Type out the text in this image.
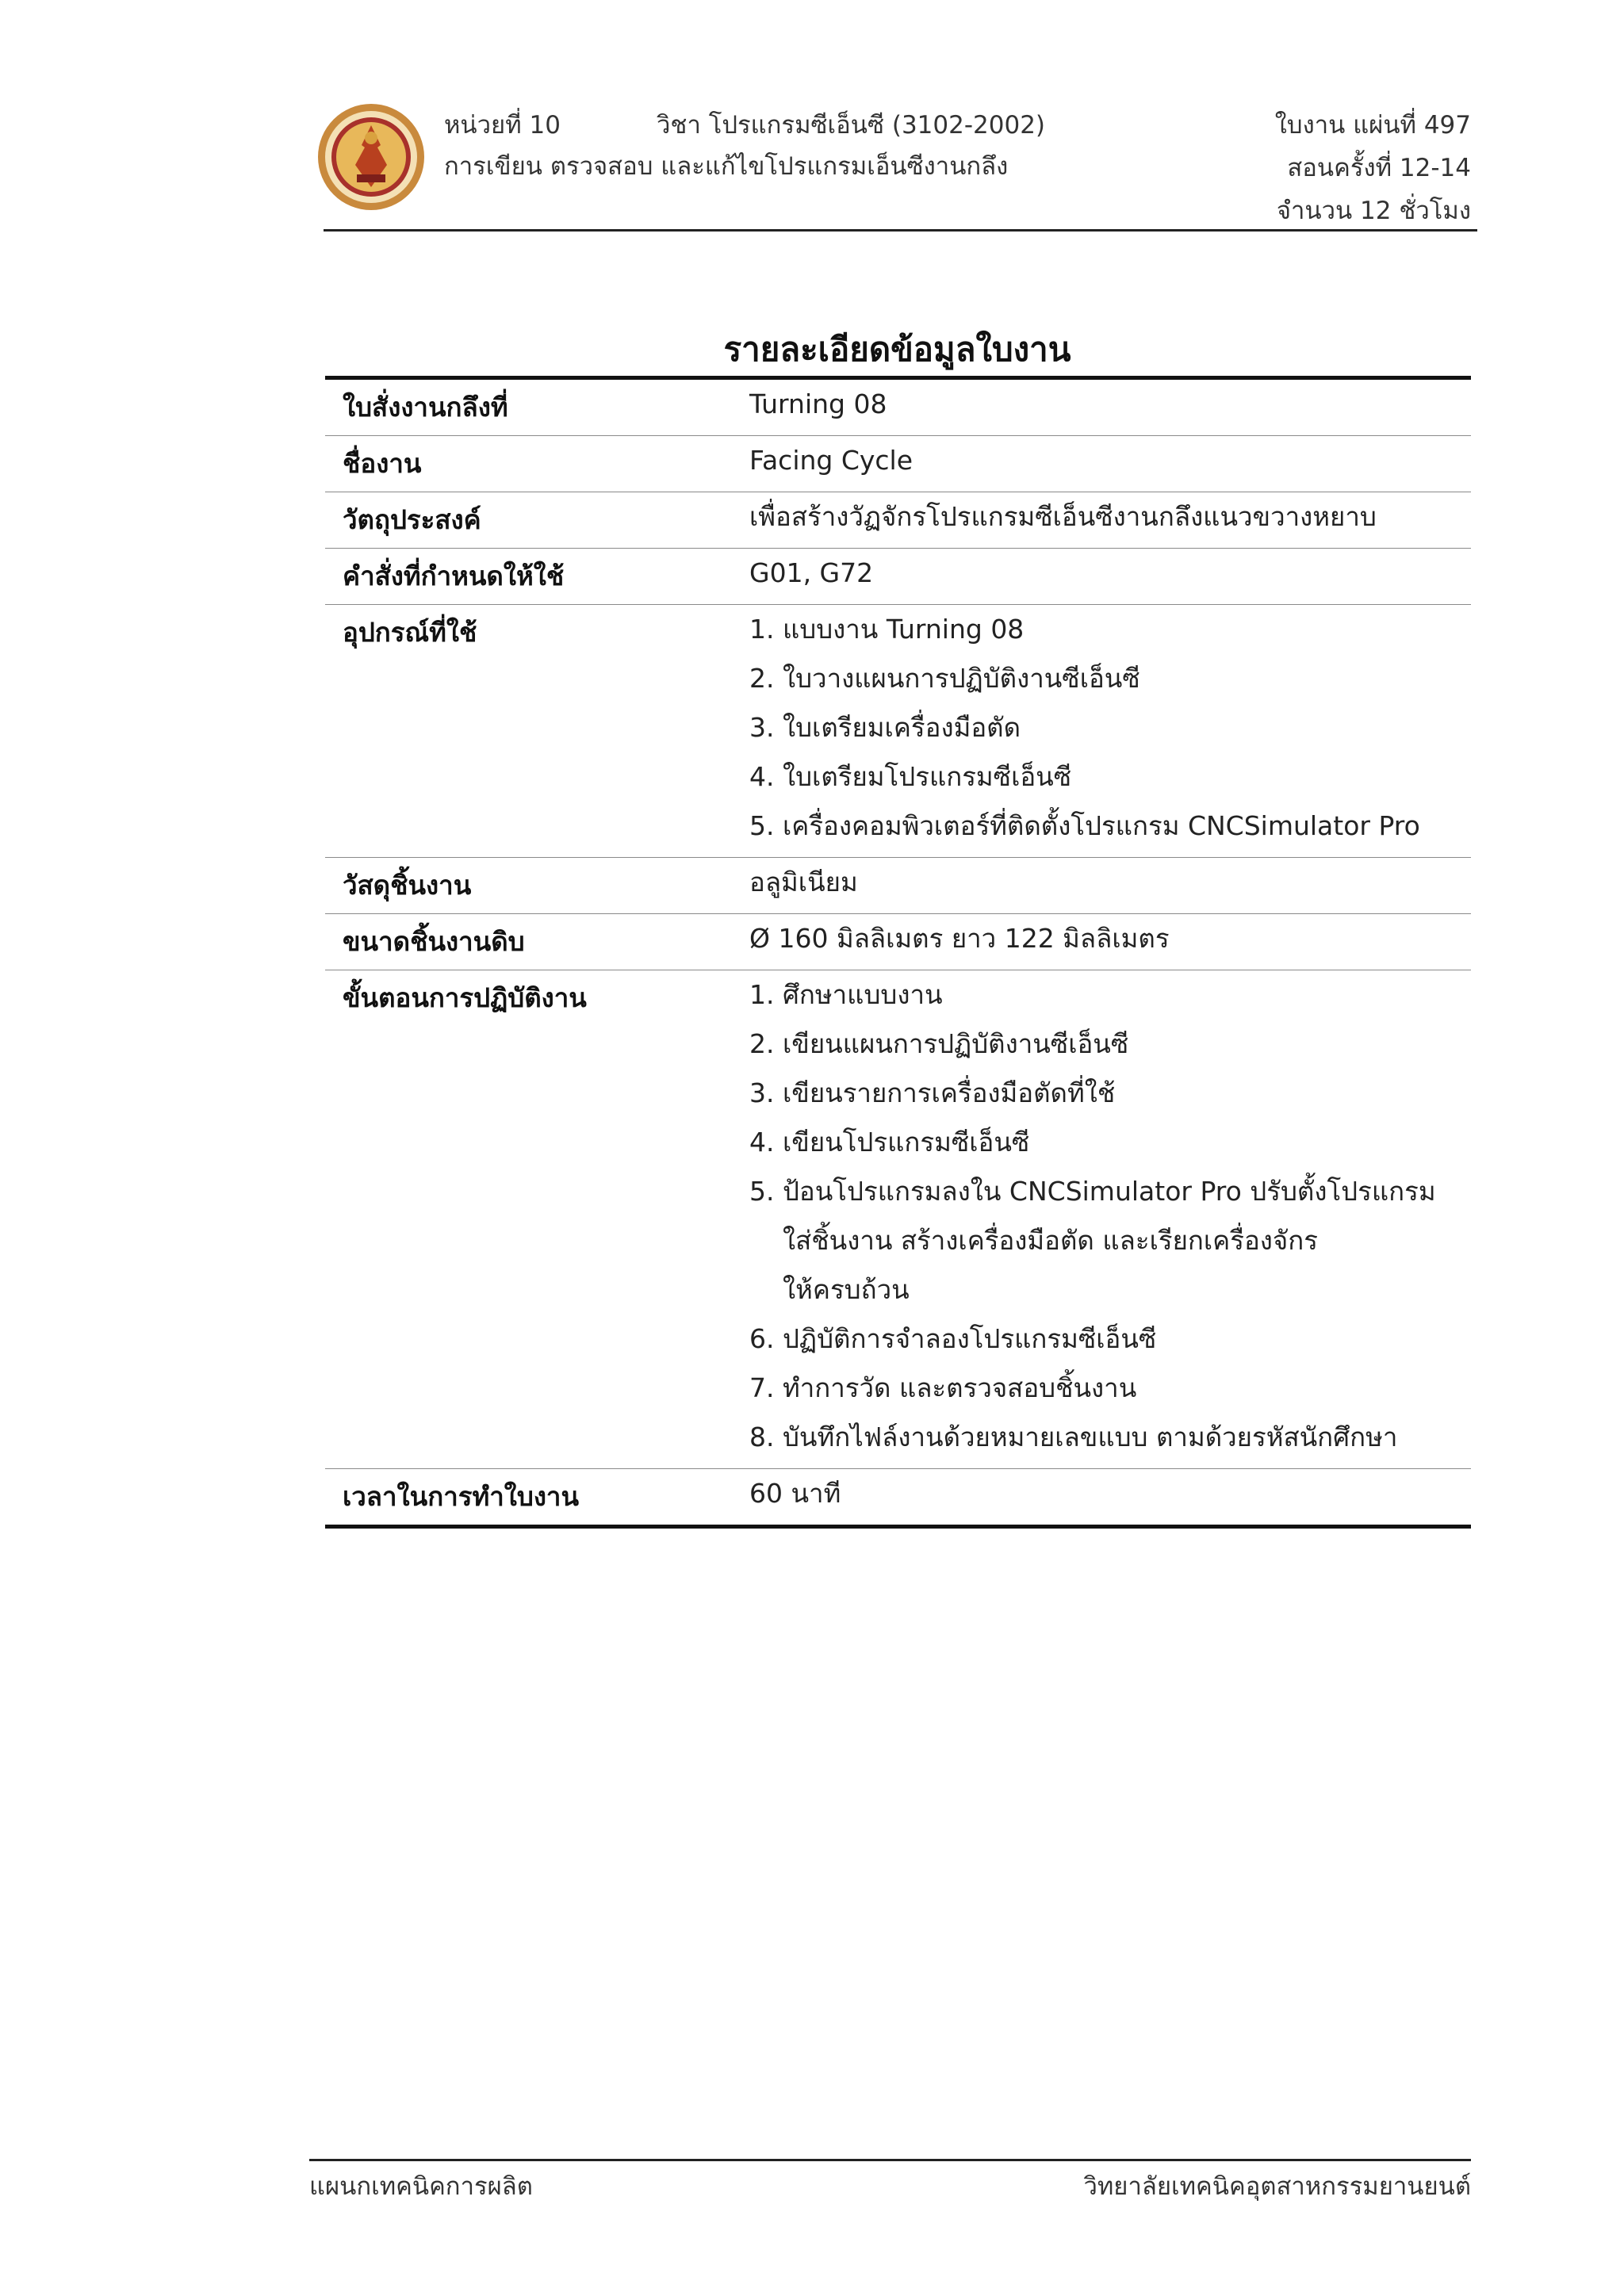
หน่วยที่ 10	วิชา โปรแกรมซีเอ็นซี (3102-2002)
การเขียน ตรวจสอบ และแก้ไขโปรแกรมเอ็นซีงานกลึง
ใบงาน แผ่นที่ 497
สอนครั้งที่ 12-14
จำนวน 12 ชั่วโมง
รายละเอียดข้อมูลใบงาน
ใบสั่งงานกลึงที่	Turning 08
ชื่องาน	Facing Cycle
วัตถุประสงค์	เพื่อสร้างวัฏจักรโปรแกรมซีเอ็นซีงานกลึงแนวขวางหยาบ
คำสั่งที่กำหนดให้ใช้	G01, G72
อุปกรณ์ที่ใช้	1. แบบงาน Turning 08
2. ใบวางแผนการปฏิบัติงานซีเอ็นซี
3. ใบเตรียมเครื่องมือตัด
4. ใบเตรียมโปรแกรมซีเอ็นซี
5. เครื่องคอมพิวเตอร์ที่ติดตั้งโปรแกรม CNCSimulator Pro
วัสดุชิ้นงาน	อลูมิเนียม
ขนาดชิ้นงานดิบ	Ø 160 มิลลิเมตร ยาว 122 มิลลิเมตร
ขั้นตอนการปฏิบัติงาน	1. ศึกษาแบบงาน
2. เขียนแผนการปฏิบัติงานซีเอ็นซี
3. เขียนรายการเครื่องมือตัดที่ใช้
4. เขียนโปรแกรมซีเอ็นซี
5. ป้อนโปรแกรมลงใน CNCSimulator Pro ปรับตั้งโปรแกรม
ใส่ชิ้นงาน สร้างเครื่องมือตัด และเรียกเครื่องจักร
ให้ครบถ้วน
6. ปฏิบัติการจำลองโปรแกรมซีเอ็นซี
7. ทำการวัด และตรวจสอบชิ้นงาน
8. บันทึกไฟล์งานด้วยหมายเลขแบบ ตามด้วยรหัสนักศึกษา
เวลาในการทำใบงาน	60 นาที
แผนกเทคนิคการผลิต	วิทยาลัยเทคนิคอุตสาหกรรมยานยนต์
